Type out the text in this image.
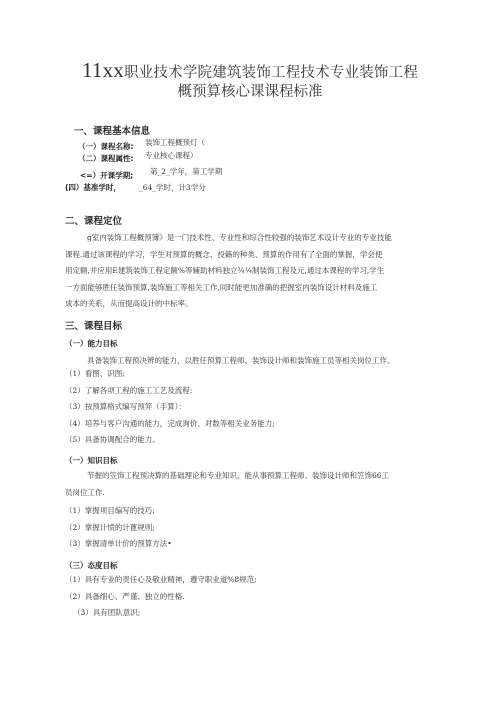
11xx职业技术学院建筑装饰工程技术专业装饰工程
概预算核心课课程标准
一、课程基本信息
（一）课程名称: 装饰工程概预灯（
（二）课程属性: 专业核心课程）
<=）开课学期; 第_2_学年，第工学期
(四）基准学时， _64_学时，计3学分
二、课程定位
g室内装饰工程概预簿》是一门技术性、专业性和综合性较强的装饰艺术设计专业的专业技能
课程.通过该课程的学习，学生对预算的概念、投籁的种类、预算的作用有了全面的掌握，学会使
用定额,并应用E建筑装饰工程定额%等辅助材料独立¾¼制装饰工程及元,通过本课程的学习,学生
一方面能够胜任装饰预算,装饰施工等相关工作,同时能更加准确的把握室内装饰设计材料及施工
成本的关系，从而提高设计的中标率。
三、课程目标
（一）能力目标
具备装饰工程预决辨的能力，以胜任预算工程师、装饰设计师和装饰施工员等相关岗位工作。
（1）看图、识图;
（2）了解各项工程的施工工艺及流程:
（3）按预算格式编写预笄（手算）：
（4）培养与客户沟通的能力，完成询价、对数等相关业务能力;
（5）具备协调配合的能力。
（一）知识目标
节握的笠饰工程预决算的基础理论和专业知识，能从事预算工程师、装饰设计师和笠饰66工
员岗位工作.
（1）掌握项目编写的技巧;
（2）掌握计愤的计蓖规则;
（3）掌握清单计价的预算方法•
（三）态度目标
（1）具有专业的责任心及敬业精神，遵守职业道%8规范;
（2）具备细心、严谨、独立的性格.
（3）具有团队意识;
